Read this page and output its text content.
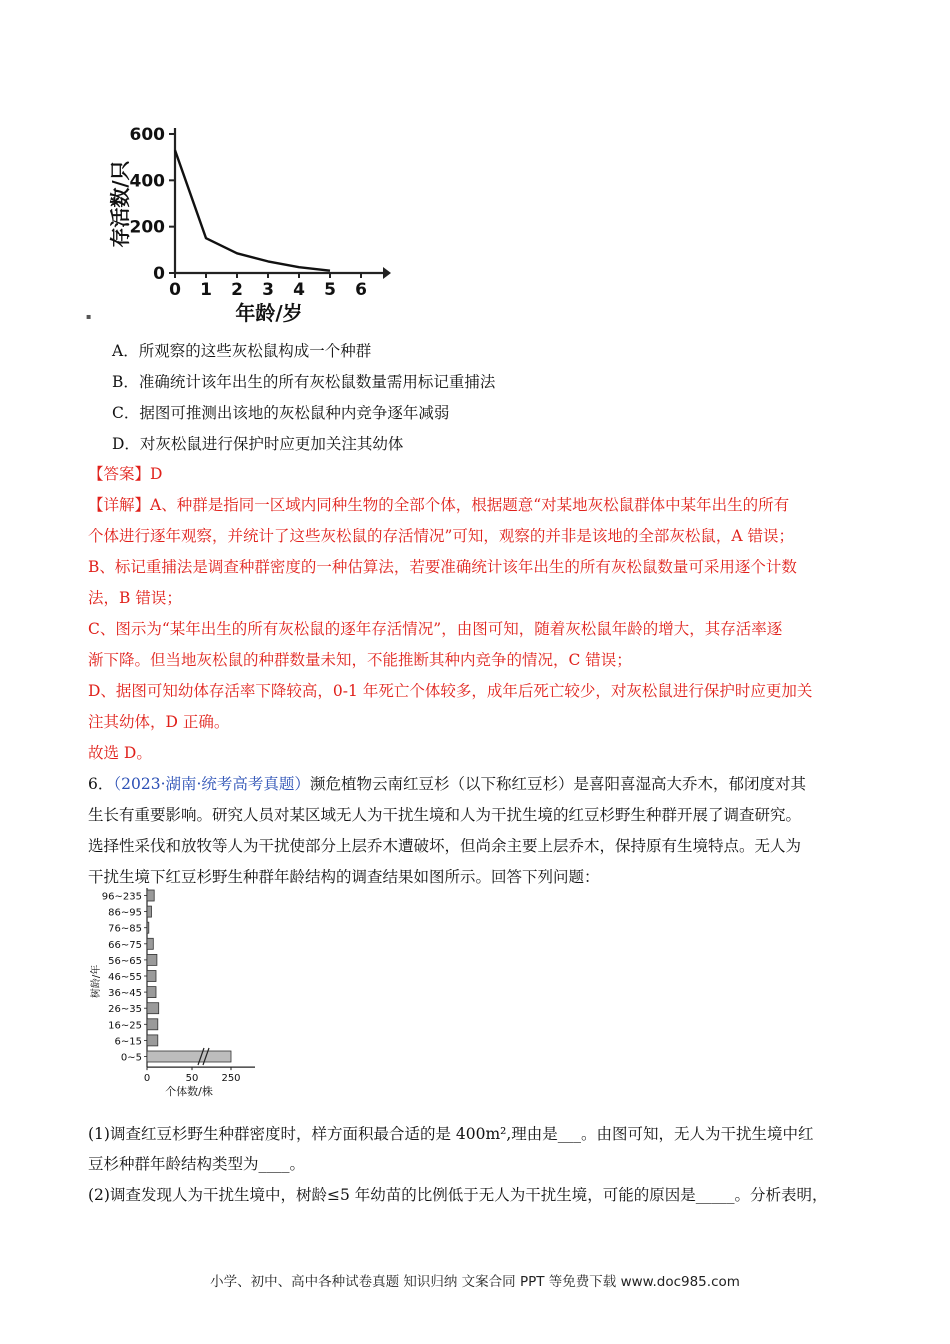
600
400
200
0
0 1 2 3 4 5 6
存活数/只
年龄/岁
▪
A．所观察的这些灰松鼠构成一个种群
B．准确统计该年出生的所有灰松鼠数量需用标记重捕法
C．据图可推测出该地的灰松鼠种内竞争逐年减弱
D．对灰松鼠进行保护时应更加关注其幼体
【答案】D
【详解】A、种群是指同一区域内同种生物的全部个体，根据题意“对某地灰松鼠群体中某年出生的所有
个体进行逐年观察，并统计了这些灰松鼠的存活情况”可知，观察的并非是该地的全部灰松鼠，A 错误；
B、标记重捕法是调查种群密度的一种估算法，若要准确统计该年出生的所有灰松鼠数量可采用逐个计数
法，B 错误；
C、图示为“某年出生的所有灰松鼠的逐年存活情况”，由图可知，随着灰松鼠年龄的增大，其存活率逐
渐下降。但当地灰松鼠的种群数量未知，不能推断其种内竞争的情况，C 错误；
D、据图可知幼体存活率下降较高，0-1 年死亡个体较多，成年后死亡较少，对灰松鼠进行保护时应更加关
注其幼体，D 正确。
故选 D。
6．（2023·湖南·统考高考真题）濒危植物云南红豆杉（以下称红豆杉）是喜阳喜湿高大乔木，郁闭度对其
生长有重要影响。研究人员对某区域无人为干扰生境和人为干扰生境的红豆杉野生种群开展了调查研究。
选择性采伐和放牧等人为干扰使部分上层乔木遭破坏，但尚余主要上层乔木，保持原有生境特点。无人为
干扰生境下红豆杉野生种群年龄结构的调查结果如图所示。回答下列问题：
96~235
86~95
76~85
66~75
56~65
46~55
36~45
26~35
16~25
6~15
0~5
0	50 250
个体数/株
树龄/年
(1)调查红豆杉野生种群密度时，样方面积最合适的是 400m²,理由是___。由图可知，无人为干扰生境中红
豆杉种群年龄结构类型为____。
(2)调查发现人为干扰生境中，树龄≤5 年幼苗的比例低于无人为干扰生境，可能的原因是_____。分析表明，
小学、初中、高中各种试卷真题 知识归纳 文案合同 PPT 等免费下载 www.doc985.com
